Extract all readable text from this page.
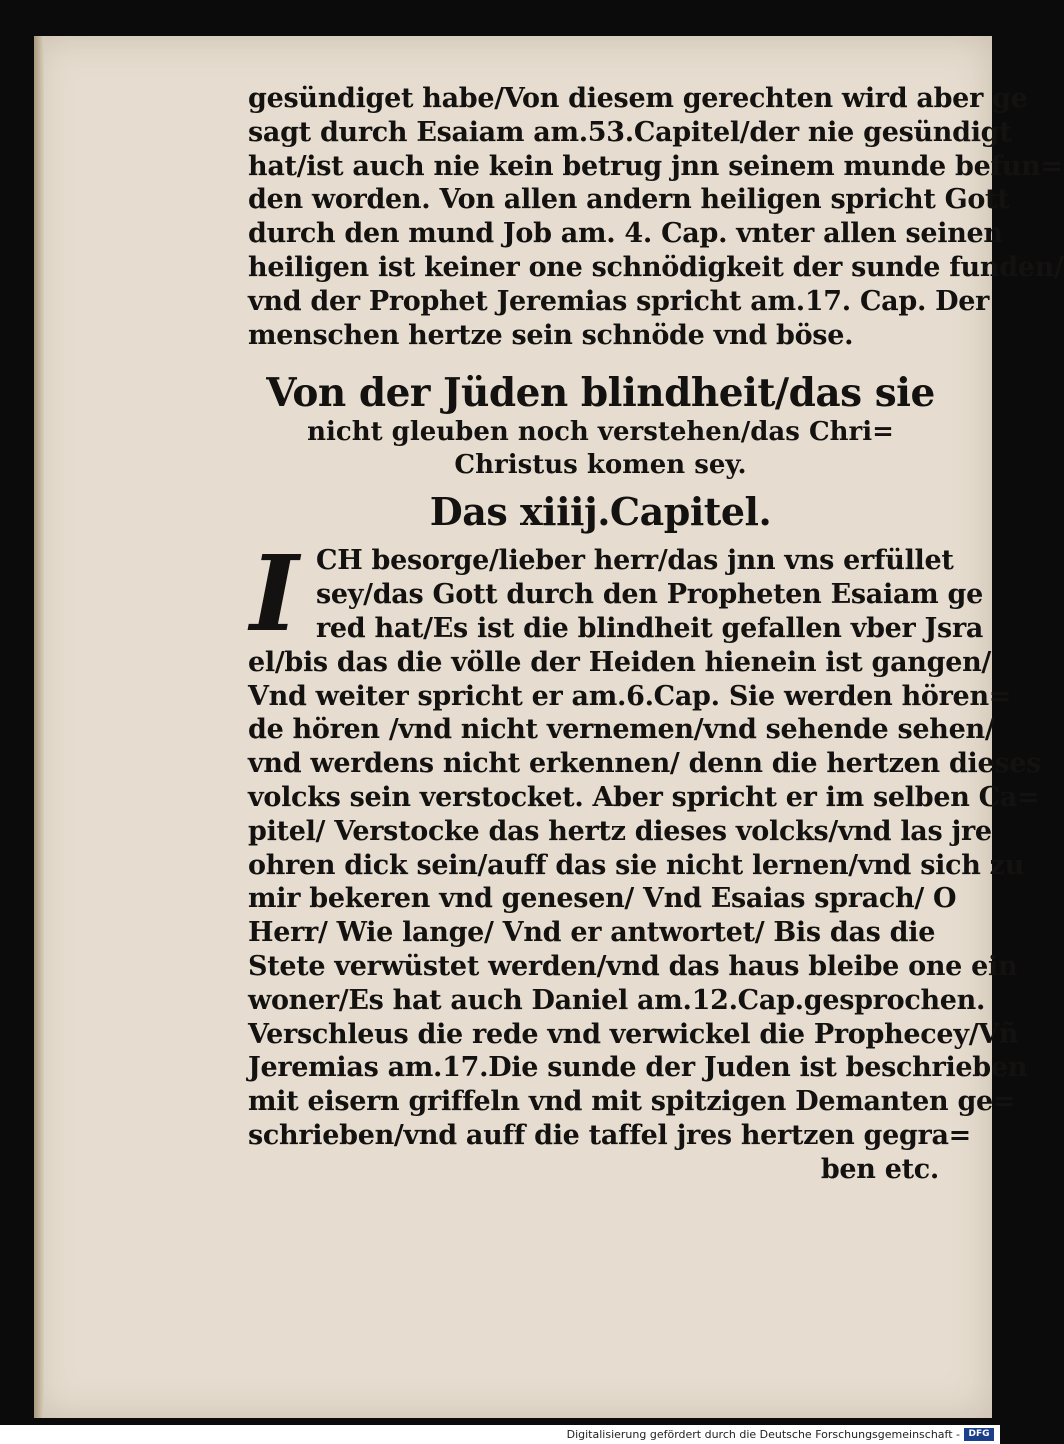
gesündiget habe/Von diesem gerechten wird aber ge
sagt durch Esaiam am.53.Capitel/der nie gesündigt
hat/ist auch nie kein betrug jnn seinem munde befun=
den worden. Von allen andern heiligen spricht Gott
durch den mund Job am. 4. Cap. vnter allen seinen
heiligen ist keiner one schnödigkeit der sunde funden/
vnd der Prophet Jeremias spricht am.17. Cap. Der
menschen hertze sein schnöde vnd böse.
Von der Jüden blindheit/das sie
nicht gleuben noch verstehen/das Chri=
Christus komen sey.
Das xiiij.Capitel.
I CH besorge/lieber herr/das jnn vns erfüllet
sey/das Gott durch den Propheten Esaiam ge
red hat/Es ist die blindheit gefallen vber Jsra
el/bis das die völle der Heiden hienein ist gangen/
Vnd weiter spricht er am.6.Cap. Sie werden hören=
de hören /vnd nicht vernemen/vnd sehende sehen/
vnd werdens nicht erkennen/ denn die hertzen dieses
volcks sein verstocket. Aber spricht er im selben Ca=
pitel/ Verstocke das hertz dieses volcks/vnd las jre
ohren dick sein/auff das sie nicht lernen/vnd sich zu
mir bekeren vnd genesen/ Vnd Esaias sprach/ O
Herr/ Wie lange/ Vnd er antwortet/ Bis das die
Stete verwüstet werden/vnd das haus bleibe one ein
woner/Es hat auch Daniel am.12.Cap.gesprochen.
Verschleus die rede vnd verwickel die Prophecey/Vñ
Jeremias am.17.Die sunde der Juden ist beschrieben
mit eisern griffeln vnd mit spitzigen Demanten ge=
schrieben/vnd auff die taffel jres hertzen gegra=
ben etc.
Digitalisierung gefördert durch die Deutsche Forschungsgemeinschaft - DFG
